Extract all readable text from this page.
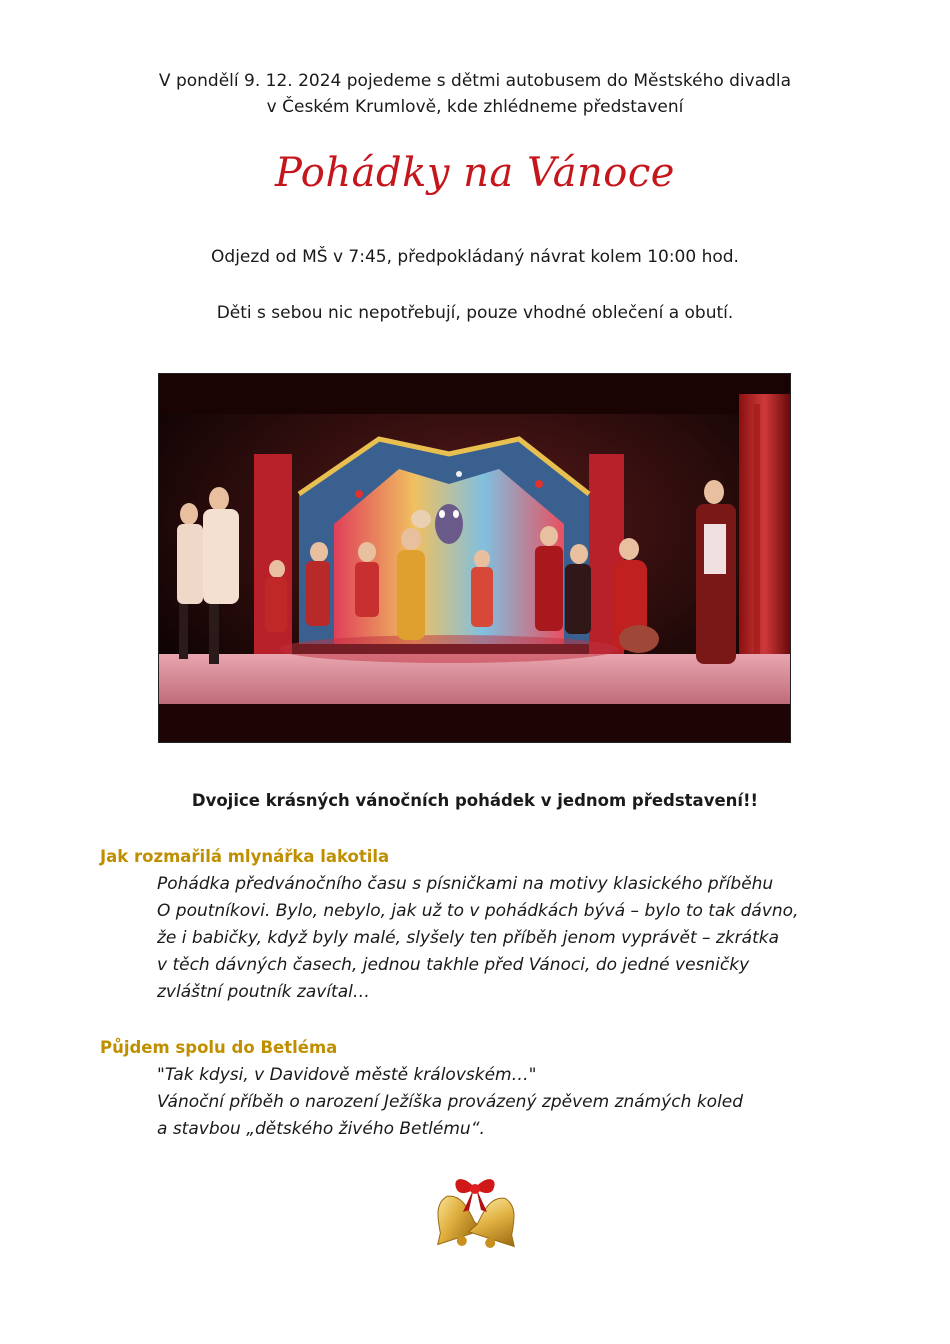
V pondělí 9. 12. 2024 pojedeme s dětmi autobusem do Městského divadla
v Českém Krumlově, kde zhlédneme představení
Pohádky na Vánoce
Odjezd od MŠ v 7:45, předpokládaný návrat kolem 10:00 hod.
Děti s sebou nic nepotřebují, pouze vhodné oblečení a obutí.
Dvojice krásných vánočních pohádek v jednom představení!!
Jak rozmařilá mlynářka lakotila
Pohádka předvánočního času s písničkami na motivy klasického příběhu
O poutníkovi. Bylo, nebylo, jak už to v pohádkách bývá – bylo to tak dávno,
že i babičky, když byly malé, slyšely ten příběh jenom vyprávět – zkrátka
v těch dávných časech, jednou takhle před Vánoci, do jedné vesničky
zvláštní poutník zavítal…
Půjdem spolu do Betléma
"Tak kdysi, v Davidově městě královském…"
Vánoční příběh o narození Ježíška provázený zpěvem známých koled
a stavbou „dětského živého Betlému“.
